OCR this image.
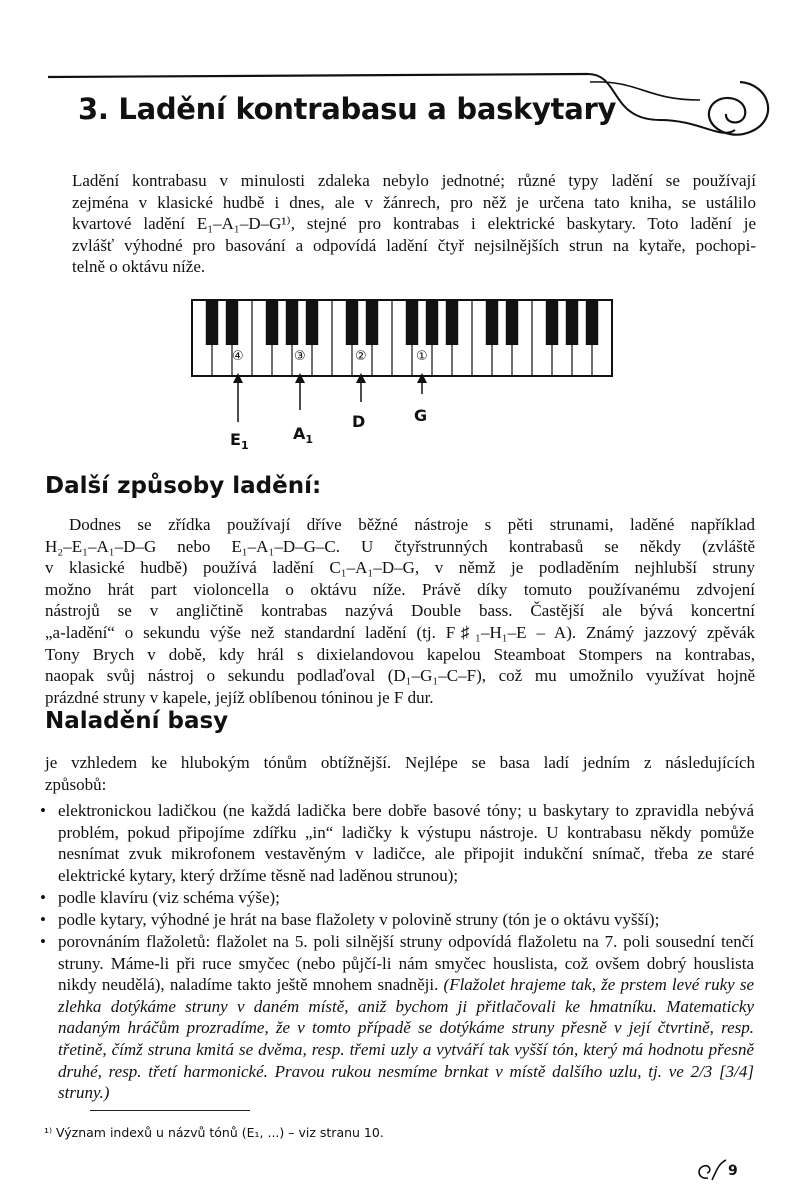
3. Ladění kontrabasu a baskytary
Ladění kontrabasu v minulosti zdaleka nebylo jednotné; různé typy ladění se používají
zejména v klasické hudbě i dnes, ale v žánrech, pro něž je určena tato kniha, se ustálilo
kvartové ladění E₁–A₁–D–G¹⁾, stejné pro kontrabas i elektrické baskytary. Toto ladění je
zvlášť výhodné pro basování a odpovídá ladění čtyř nejsilnějších strun na kytaře, pochopi-
telně o oktávu níže.
④
$E_1$
③
$A_1$
②
D
①
G
Další způsoby ladění:
Dodnes se zřídka používají dříve běžné nástroje s pěti strunami, laděné například
H₂–E₁–A₁–D–G nebo E₁–A₁–D–G–C. U čtyřstrunných kontrabasů se někdy (zvláště
v klasické hudbě) používá ladění C₁–A₁–D–G, v němž je podladěním nejhlubší struny
možno hrát part violoncella o oktávu níže. Právě díky tomuto používanému zdvojení
nástrojů se v angličtině kontrabas nazývá Double bass. Častější ale bývá koncertní
„a-ladění“ o sekundu výše než standardní ladění (tj. F♯₁–H₁–E – A). Známý jazzový zpěvák
Tony Brych v době, kdy hrál s dixielandovou kapelou Steamboat Stompers na kontrabas,
naopak svůj nástroj o sekundu podlaďoval (D₁–G₁–C–F), což mu umožnilo využívat hojně
prázdné struny v kapele, jejíž oblíbenou tóninou je F dur.
Naladění basy
je vzhledem ke hlubokým tónům obtížnější. Nejlépe se basa ladí jedním z následujících
způsobů:
• elektronickou ladičkou (ne každá ladička bere dobře basové tóny; u baskytary to zpravidla nebývá problém, pokud připojíme zdířku „in“ ladičky k výstupu nástroje. U kontrabasu někdy pomůže nesnímat zvuk mikrofonem vestavěným v ladičce, ale připojit indukční snímač, třeba ze staré elektrické kytary, který držíme těsně nad laděnou strunou);
• podle klavíru (viz schéma výše);
• podle kytary, výhodné je hrát na base flažolety v polovině struny (tón je o oktávu vyšší);
• porovnáním flažoletů: flažolet na 5. poli silnější struny odpovídá flažoletu na 7. poli sousední tenčí struny. Máme-li při ruce smyčec (nebo půjčí-li nám smyčec houslista, což ovšem dobrý houslista nikdy neudělá), naladíme takto ještě mnohem snadněji. (Flažolet hrajeme tak, že prstem levé ruky se zlehka dotýkáme struny v daném místě, aniž bychom ji přitlačovali ke hmatníku. Matematicky nadaným hráčům prozradíme, že v tomto případě se dotýkáme struny přesně v její čtvrtině, resp. třetině, čímž struna kmitá se dvěma, resp. třemi uzly a vytváří tak vyšší tón, který má hodnotu přesně druhé, resp. třetí harmonické. Pravou rukou nesmíme brnkat v místě dalšího uzlu, tj. ve 2/3 [3/4] struny.)
¹⁾ Význam indexů u názvů tónů (E₁, ...) – viz stranu 10.
9
